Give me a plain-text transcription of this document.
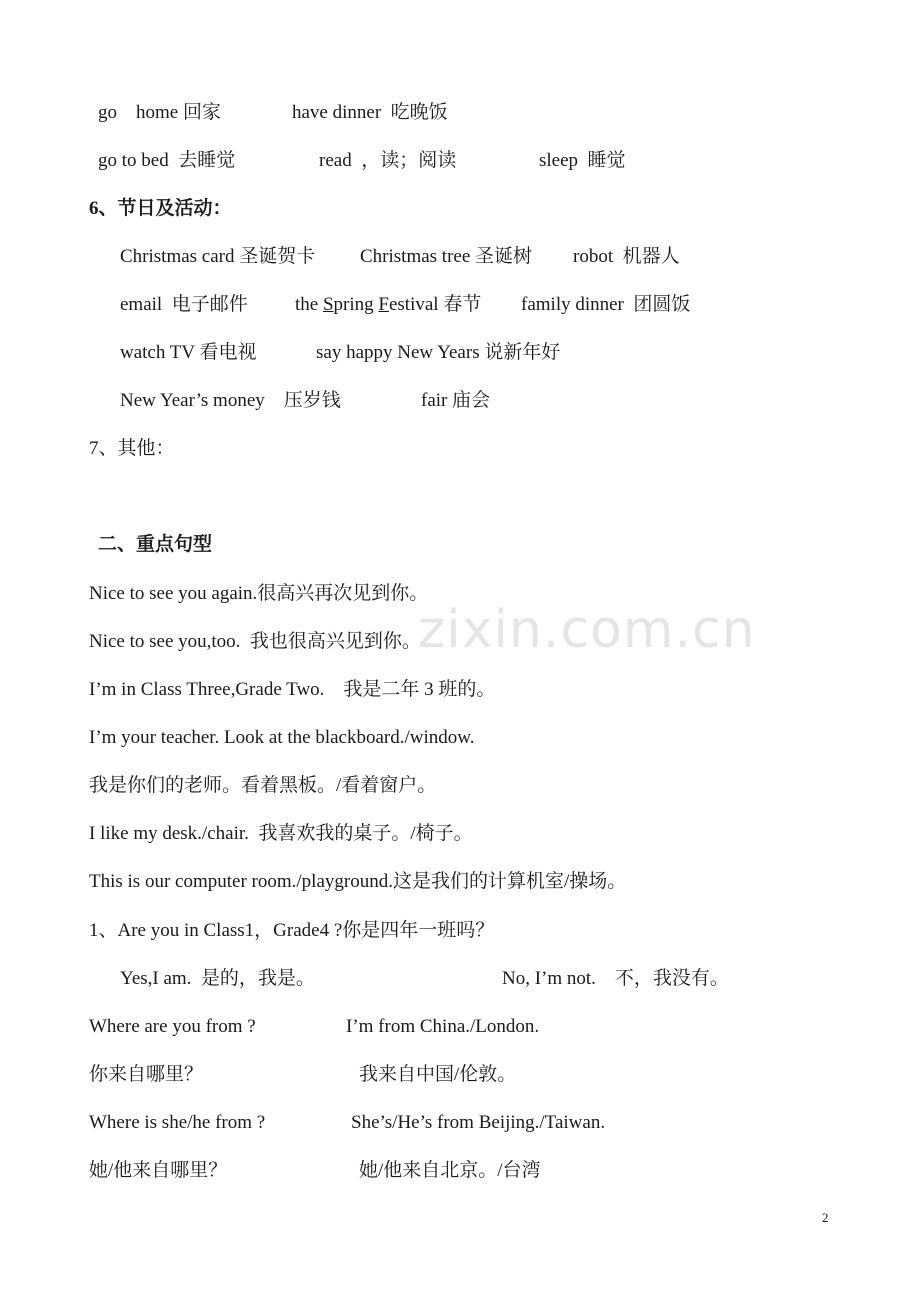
zixin.com.cn
go    home 回家	have dinner  吃晚饭
go to bed  去睡觉	read  ，读；阅读	sleep  睡觉
6、节日及活动：
Christmas card 圣诞贺卡 Christmas tree 圣诞树 robot  机器人
email  电子邮件 the Spring Festival 春节 family dinner  团圆饭
watch TV 看电视	say happy New Years 说新年好
New Year’s money    压岁钱	fair 庙会
7、其他：
二、重点句型
Nice to see you again.很高兴再次见到你。
Nice to see you,too.  我也很高兴见到你。
I’m in Class Three,Grade Two.    我是二年 3 班的。
I’m your teacher. Look at the blackboard./window.
我是你们的老师。看着黑板。/看着窗户。
I like my desk./chair.  我喜欢我的桌子。/椅子。
This is our computer room./playground.这是我们的计算机室/操场。
1、Are you in Class1，Grade4 ?你是四年一班吗？
Yes,I am.  是的，我是。	No, I’m not.    不，我没有。
Where are you from ?	I’m from China./London.
你来自哪里？	我来自中国/伦敦。
Where is she/he from ?	She’s/He’s from Beijing./Taiwan.
她/他来自哪里？	她/他来自北京。/台湾
2
